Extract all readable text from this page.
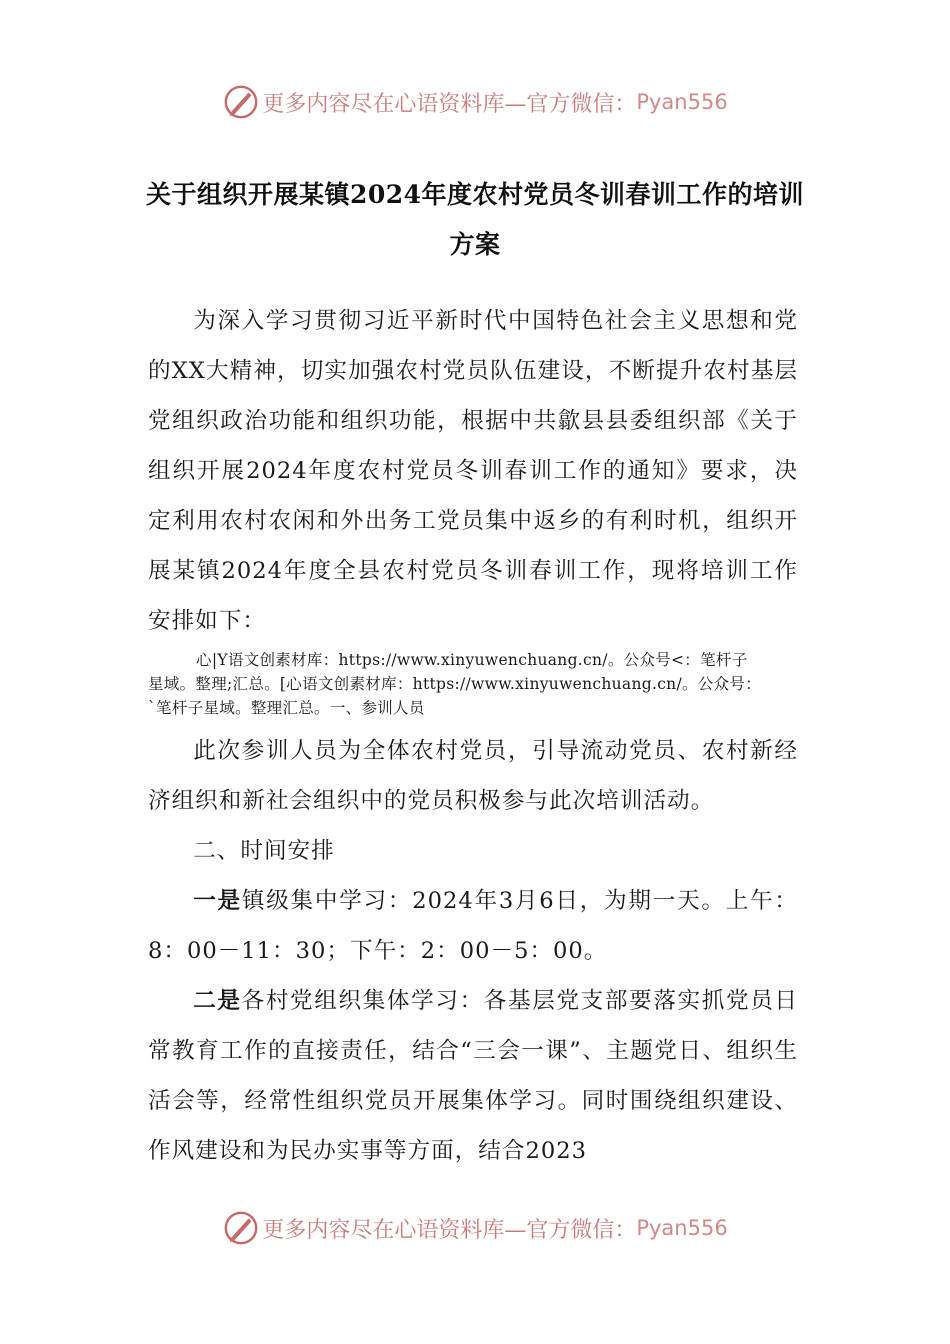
更多内容尽在心语资料库—官方微信： Pyan556
关于组织开展某镇2024年度农村党员冬训春训工作的培训
方案

为深入学习贯彻习近平新时代中国特色社会主义思想和党的XX大精神，切实加强农村党员队伍建设，不断提升农村基层党组织政治功能和组织功能，根据中共歙县县委组织部《关于组织开展2024年度农村党员冬训春训工作的通知》要求，决定利用农村农闲和外出务工党员集中返乡的有利时机，组织开展某镇2024年度全县农村党员冬训春训工作，现将培训工作安排如下：

心|Y语文创素材库：https://www.xinyuwenchuang.cn/。公众号<：笔杆子
星域。整理;汇总。[心语文创素材库：https://www.xinyuwenchuang.cn/。公众号：
`笔杆子星域。整理汇总。一、参训人员

此次参训人员为全体农村党员，引导流动党员、农村新经济组织和新社会组织中的党员积极参与此次培训活动。

二、时间安排

一是镇级集中学习：2024年3月6日，为期一天。上午：8：00－11：30；下午：2：00－5：00。

二是各村党组织集体学习：各基层党支部要落实抓党员日常教育工作的直接责任，结合“三会一课”、主题党日、组织生活会等，经常性组织党员开展集体学习。同时围绕组织建设、作风建设和为民办实事等方面，结合2023

更多内容尽在心语资料库—官方微信： Pyan556
